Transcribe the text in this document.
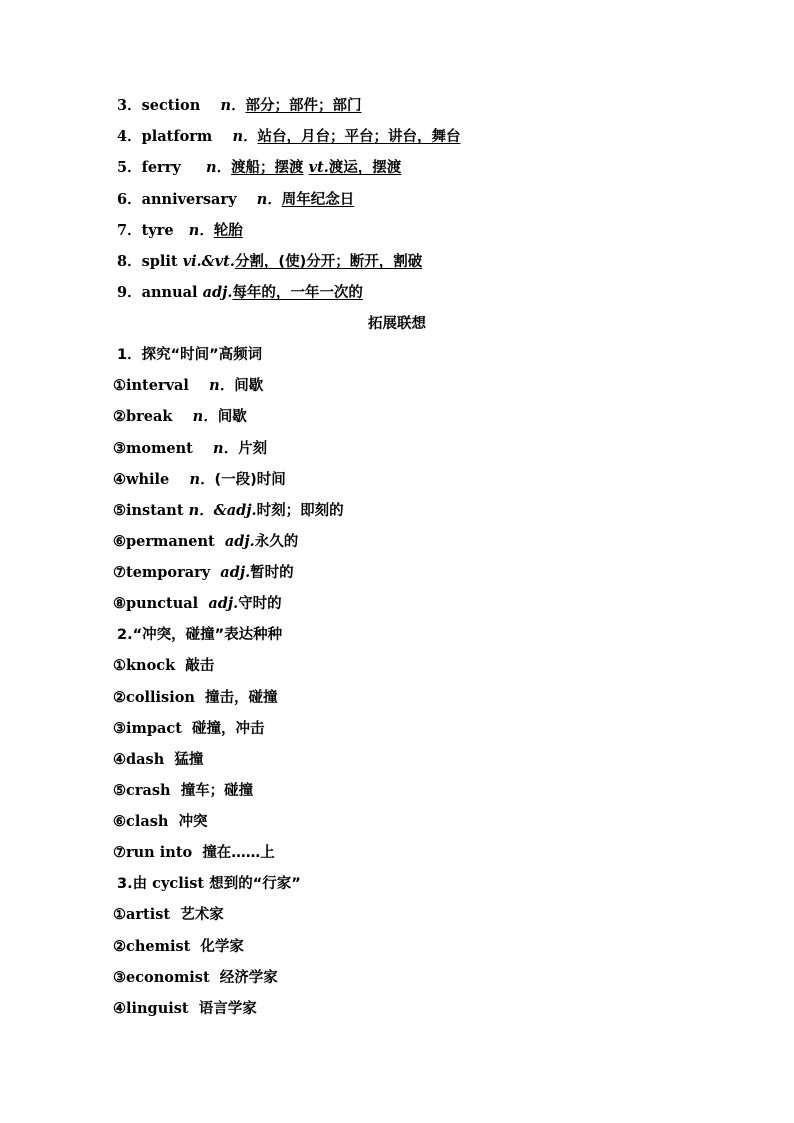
3．section n．部分；部件；部门
4．platform n．站台，月台；平台；讲台，舞台
5．ferry n．渡船；摆渡 vt.渡运，摆渡
6．anniversary n．周年纪念日
7．tyre n．轮胎
8．split vi.&vt.分割，(使)分开；断开，割破
9．annual adj.每年的，一年一次的
拓展联想
1．探究“时间”高频词
①interval n．间歇
②break n．间歇
③moment n．片刻
④while n．(一段)时间
⑤instant n．&adj.时刻；即刻的
⑥permanent adj.永久的
⑦temporary adj.暂时的
⑧punctual adj.守时的
2.“冲突，碰撞”表达种种
①knock 敲击
②collision 撞击，碰撞
③impact 碰撞，冲击
④dash 猛撞
⑤crash 撞车；碰撞
⑥clash 冲突
⑦run into 撞在……上
3.由 cyclist 想到的“行家”
①artist 艺术家
②chemist 化学家
③economist 经济学家
④linguist 语言学家
